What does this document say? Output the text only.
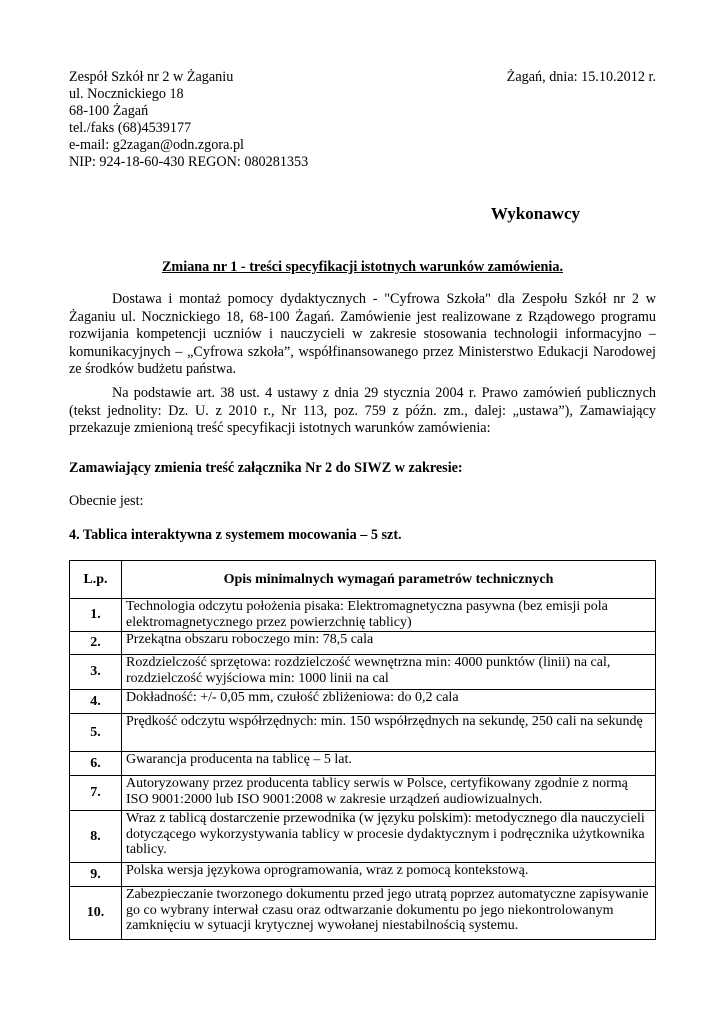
Zespół Szkół nr 2 w Żaganiu
ul. Nocznickiego 18
68-100 Żagań
tel./faks (68)4539177
e-mail: g2zagan@odn.zgora.pl
NIP: 924-18-60-430 REGON: 080281353
Żagań, dnia: 15.10.2012 r.
Wykonawcy
Zmiana nr 1 - treści specyfikacji istotnych warunków zamówienia.

Dostawa i montaż pomocy dydaktycznych - "Cyfrowa Szkoła" dla Zespołu Szkół nr 2 w Żaganiu ul. Nocznickiego 18, 68-100 Żagań. Zamówienie jest realizowane z Rządowego programu rozwijania kompetencji uczniów i nauczycieli w zakresie stosowania technologii informacyjno – komunikacyjnych – „Cyfrowa szkoła”, współfinansowanego przez Ministerstwo Edukacji Narodowej ze środków budżetu państwa.

Na podstawie art. 38 ust. 4 ustawy z dnia 29 stycznia 2004 r. Prawo zamówień publicznych (tekst jednolity: Dz. U. z 2010 r., Nr 113, poz. 759 z późn. zm., dalej: „ustawa”), Zamawiający przekazuje zmienioną treść specyfikacji istotnych warunków zamówienia:

Zamawiający zmienia treść załącznika Nr 2 do SIWZ w zakresie:
Obecnie jest:
4. Tablica interaktywna z systemem mocowania – 5 szt.
L.p.	Opis minimalnych wymagań parametrów technicznych
1.	Technologia odczytu położenia pisaka: Elektromagnetyczna pasywna (bez emisji pola elektromagnetycznego przez powierzchnię tablicy)
2.	Przekątna obszaru roboczego min: 78,5 cala
3.	Rozdzielczość sprzętowa: rozdzielczość wewnętrzna min: 4000 punktów (linii) na cal, rozdzielczość wyjściowa min: 1000 linii na cal
4.	Dokładność: +/- 0,05 mm, czułość zbliżeniowa: do 0,2 cala
5.	Prędkość odczytu współrzędnych: min. 150 współrzędnych na sekundę, 250 cali na sekundę
6.	Gwarancja producenta na tablicę – 5 lat.
7.	Autoryzowany przez producenta tablicy serwis w Polsce, certyfikowany zgodnie z normą ISO 9001:2000 lub ISO 9001:2008 w zakresie urządzeń audiowizualnych.
8.	Wraz z tablicą dostarczenie przewodnika (w języku polskim): metodycznego dla nauczycieli dotyczącego wykorzystywania tablicy w procesie dydaktycznym i podręcznika użytkownika tablicy.
9.	Polska wersja językowa oprogramowania, wraz z pomocą kontekstową.
10.	Zabezpieczanie tworzonego dokumentu przed jego utratą poprzez automatyczne zapisywanie go co wybrany interwał czasu oraz odtwarzanie dokumentu po jego niekontrolowanym zamknięciu w sytuacji krytycznej wywołanej niestabilnością systemu.
